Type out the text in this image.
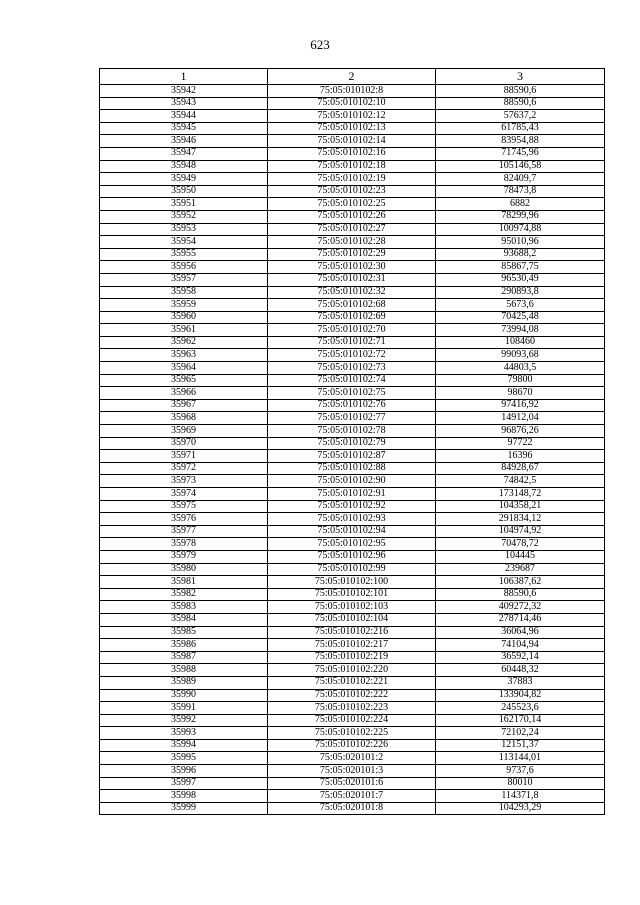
623
1	2	3
35942	75:05:010102:8	88590,6
35943	75:05:010102:10	88590,6
35944	75:05:010102:12	57637,2
35945	75:05:010102:13	61785,43
35946	75:05:010102:14	83954,88
35947	75:05:010102:16	71745,96
35948	75:05:010102:18	105146,58
35949	75:05:010102:19	82409,7
35950	75:05:010102:23	78473,8
35951	75:05:010102:25	6882
35952	75:05:010102:26	78299,96
35953	75:05:010102:27	100974,88
35954	75:05:010102:28	95010,96
35955	75:05:010102:29	93688,2
35956	75:05:010102:30	85867,75
35957	75:05:010102:31	96530,49
35958	75:05:010102:32	290893,8
35959	75:05:010102:68	5673,6
35960	75:05:010102:69	70425,48
35961	75:05:010102:70	73994,08
35962	75:05:010102:71	108460
35963	75:05:010102:72	99093,68
35964	75:05:010102:73	44803,5
35965	75:05:010102:74	79800
35966	75:05:010102:75	98670
35967	75:05:010102:76	97416,92
35968	75:05:010102:77	14912,04
35969	75:05:010102:78	96876,26
35970	75:05:010102:79	97722
35971	75:05:010102:87	16396
35972	75:05:010102:88	84928,67
35973	75:05:010102:90	74842,5
35974	75:05:010102:91	173148,72
35975	75:05:010102:92	104358,21
35976	75:05:010102:93	291834,12
35977	75:05:010102:94	104974,92
35978	75:05:010102:95	70478,72
35979	75:05:010102:96	104445
35980	75:05:010102:99	239687
35981	75:05:010102:100	106387,62
35982	75:05:010102:101	88590,6
35983	75:05:010102:103	409272,32
35984	75:05:010102:104	278714,46
35985	75:05:010102:216	36064,96
35986	75:05:010102:217	74104,94
35987	75:05:010102:219	36592,14
35988	75:05:010102:220	60448,32
35989	75:05:010102:221	37883
35990	75:05:010102:222	133904,82
35991	75:05:010102:223	245523,6
35992	75:05:010102:224	162170,14
35993	75:05:010102:225	72102,24
35994	75:05:010102:226	12151,37
35995	75:05:020101:2	113144,01
35996	75:05:020101:3	9737,6
35997	75:05:020101:6	80010
35998	75:05:020101:7	114371,8
35999	75:05:020101:8	104293,29
